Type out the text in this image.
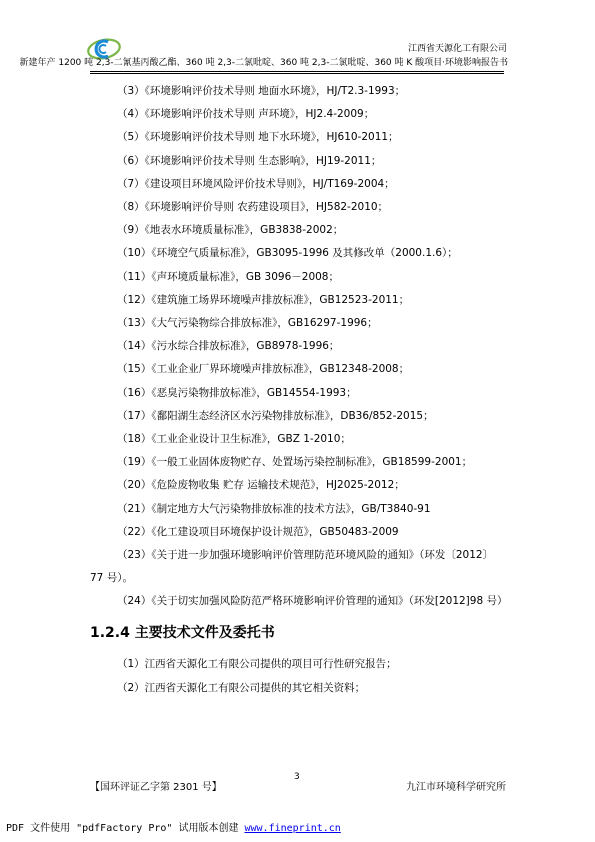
江西省天源化工有限公司
新建年产 1200 吨 2,3-二氰基丙酸乙酯、360 吨 2,3-二氯吡啶、360 吨 2,3-二氯吡啶、360 吨 K 酸项目·环境影响报告书
（3）《环境影响评价技术导则 地面水环境》，HJ/T2.3-1993；
（4）《环境影响评价技术导则 声环境》，HJ2.4-2009；
（5）《环境影响评价技术导则 地下水环境》，HJ610-2011；
（6）《环境影响评价技术导则 生态影响》，HJ19-2011；
（7）《建设项目环境风险评价技术导则》，HJ/T169-2004；
（8）《环境影响评价导则 农药建设项目》，HJ582-2010；
（9）《地表水环境质量标准》，GB3838-2002；
（10）《环境空气质量标准》，GB3095-1996 及其修改单（2000.1.6）；
（11）《声环境质量标准》，GB 3096－2008；
（12）《建筑施工场界环境噪声排放标准》，GB12523-2011；
（13）《大气污染物综合排放标准》，GB16297-1996；
（14）《污水综合排放标准》，GB8978-1996；
（15）《工业企业厂界环境噪声排放标准》，GB12348-2008；
（16）《恶臭污染物排放标准》，GB14554-1993；
（17）《鄱阳湖生态经济区水污染物排放标准》，DB36/852-2015；
（18）《工业企业设计卫生标准》，GBZ 1-2010；
（19）《一般工业固体废物贮存、处置场污染控制标准》，GB18599-2001；
（20）《危险废物收集 贮存 运输技术规范》，HJ2025-2012；
（21）《制定地方大气污染物排放标准的技术方法》，GB/T3840-91
（22）《化工建设项目环境保护设计规范》，GB50483-2009
（23）《关于进一步加强环境影响评价管理防范环境风险的通知》（环发〔2012〕77 号）。
（24）《关于切实加强风险防范严格环境影响评价管理的通知》（环发[2012]98 号）
1.2.4 主要技术文件及委托书
（1）江西省天源化工有限公司提供的项目可行性研究报告；
（2）江西省天源化工有限公司提供的其它相关资料；
【国环评证乙字第 2301 号】
3
九江市环境科学研究所
PDF 文件使用 "pdfFactory Pro" 试用版本创建 www.fineprint.cn
